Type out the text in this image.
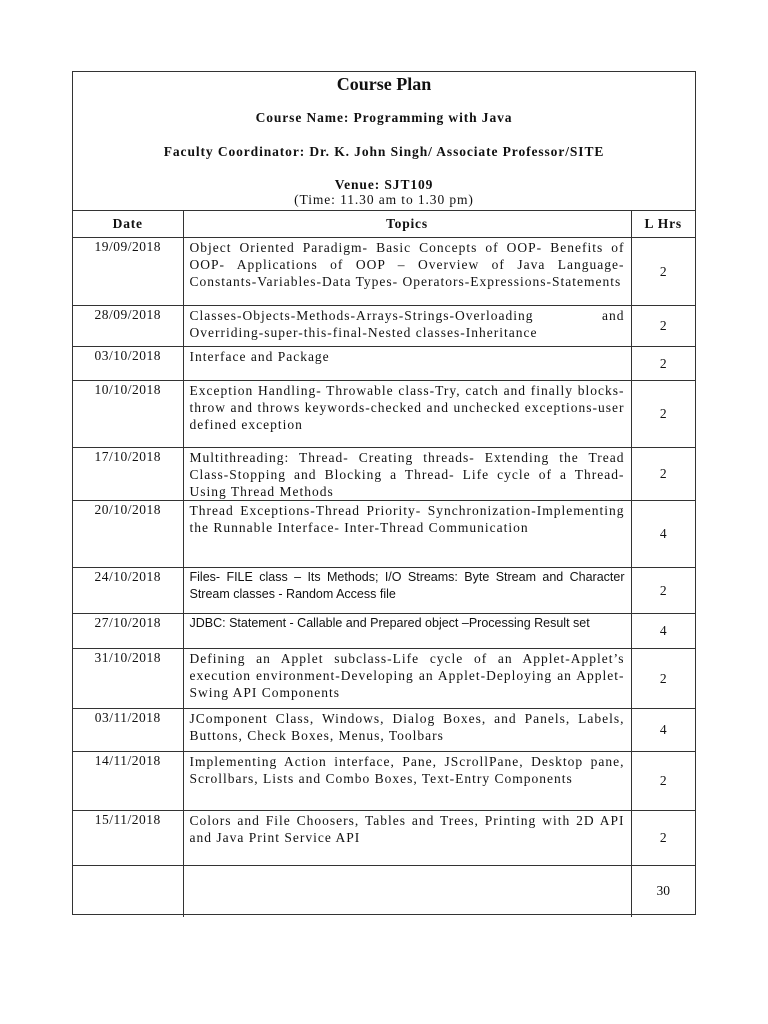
Course Plan
Course Name: Programming with Java
Faculty Coordinator: Dr. K. John Singh/ Associate Professor/SITE
Venue: SJT109
(Time: 11.30 am to 1.30 pm)
Date	Topics	L Hrs
19/09/2018	Object Oriented Paradigm- Basic Concepts of OOP- Benefits of OOP- Applications of OOP – Overview of Java Language- Constants-Variables-Data Types- Operators-Expressions-Statements	2
28/09/2018	Classes-Objects-Methods-Arrays-Strings-Overloading and Overriding-super-this-final-Nested classes-Inheritance	2
03/10/2018	Interface and Package	2
10/10/2018	Exception Handling- Throwable class-Try, catch and finally blocks-throw and throws keywords-checked and unchecked exceptions-user defined exception	2
17/10/2018	Multithreading: Thread- Creating threads- Extending the Tread Class-Stopping and Blocking a Thread- Life cycle of a Thread-Using Thread Methods	2
20/10/2018	Thread Exceptions-Thread Priority- Synchronization-Implementing the Runnable Interface- Inter-Thread Communication	4
24/10/2018	Files- FILE class – Its Methods; I/O Streams: Byte Stream and Character Stream classes - Random Access file	2
27/10/2018	JDBC: Statement - Callable and Prepared object –Processing Result set	4
31/10/2018	Defining an Applet subclass-Life cycle of an Applet-Applet’s execution environment-Developing an Applet-Deploying an Applet- Swing API Components	2
03/11/2018	JComponent Class, Windows, Dialog Boxes, and Panels, Labels, Buttons, Check Boxes, Menus, Toolbars	4
14/11/2018	Implementing Action interface, Pane, JScrollPane, Desktop pane, Scrollbars, Lists and Combo Boxes, Text-Entry Components	2
15/11/2018	Colors and File Choosers, Tables and Trees, Printing with 2D API and Java Print Service API	2
		30
